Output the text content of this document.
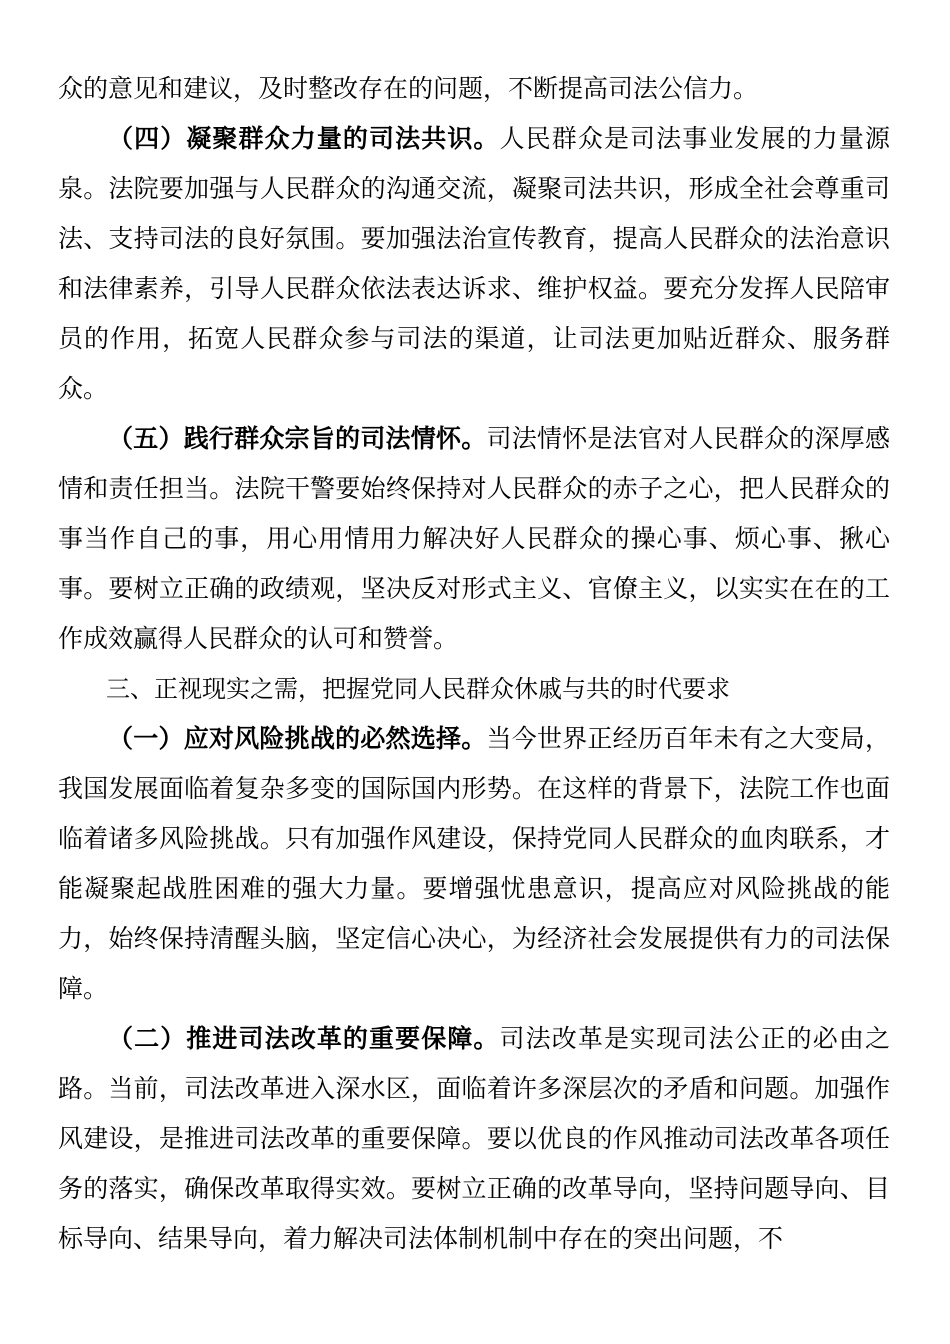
众的意见和建议，及时整改存在的问题，不断提高司法公信力。

（四）凝聚群众力量的司法共识。人民群众是司法事业发展的力量源泉。法院要加强与人民群众的沟通交流，凝聚司法共识，形成全社会尊重司法、支持司法的良好氛围。要加强法治宣传教育，提高人民群众的法治意识和法律素养，引导人民群众依法表达诉求、维护权益。要充分发挥人民陪审员的作用，拓宽人民群众参与司法的渠道，让司法更加贴近群众、服务群众。

（五）践行群众宗旨的司法情怀。司法情怀是法官对人民群众的深厚感情和责任担当。法院干警要始终保持对人民群众的赤子之心，把人民群众的事当作自己的事，用心用情用力解决好人民群众的操心事、烦心事、揪心事。要树立正确的政绩观，坚决反对形式主义、官僚主义，以实实在在的工作成效赢得人民群众的认可和赞誉。

三、正视现实之需，把握党同人民群众休戚与共的时代要求

（一）应对风险挑战的必然选择。当今世界正经历百年未有之大变局，我国发展面临着复杂多变的国际国内形势。在这样的背景下，法院工作也面临着诸多风险挑战。只有加强作风建设，保持党同人民群众的血肉联系，才能凝聚起战胜困难的强大力量。要增强忧患意识，提高应对风险挑战的能力，始终保持清醒头脑，坚定信心决心，为经济社会发展提供有力的司法保障。

（二）推进司法改革的重要保障。司法改革是实现司法公正的必由之路。当前，司法改革进入深水区，面临着许多深层次的矛盾和问题。加强作风建设，是推进司法改革的重要保障。要以优良的作风推动司法改革各项任务的落实，确保改革取得实效。要树立正确的改革导向，坚持问题导向、目标导向、结果导向，着力解决司法体制机制中存在的突出问题，不
